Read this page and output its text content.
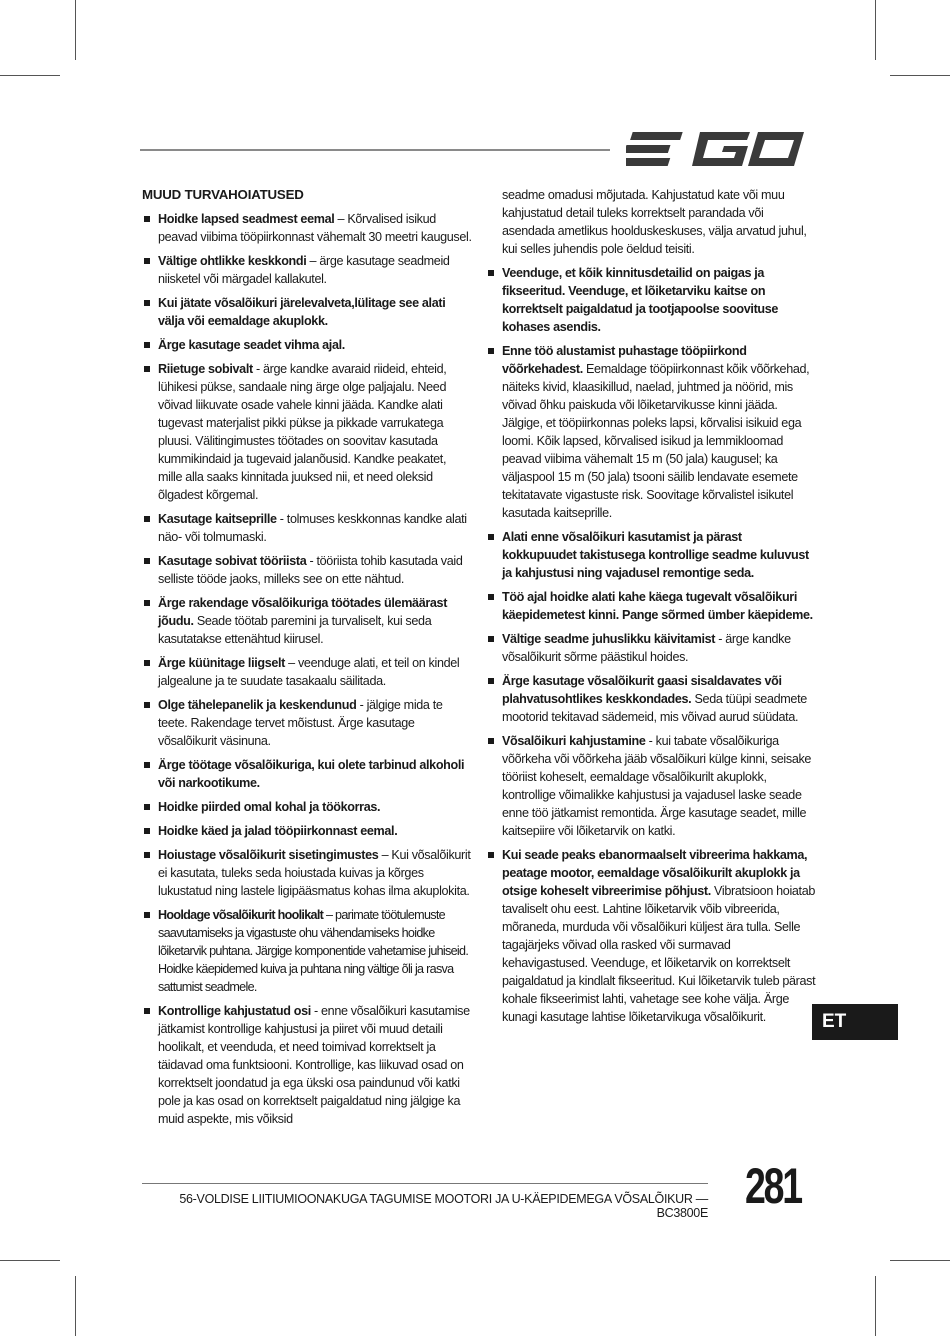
MUUD TURVAHOIATUSED
Hoidke lapsed seadmest eemal – Kõrvalised isikud peavad viibima tööpiirkonnast vähemalt 30 meetri kaugusel.
Vältige ohtlikke keskkondi – ärge kasutage seadmeid niisketel või märgadel kallakutel.
Kui jätate võsalõikuri järelevalveta,lülitage see alati välja või eemaldage akuplokk.
Ärge kasutage seadet vihma ajal.
Riietuge sobivalt - ärge kandke avaraid riideid, ehteid, lühikesi pükse, sandaale ning ärge olge paljajalu. Need võivad liikuvate osade vahele kinni jääda. Kandke alati tugevast materjalist pikki pükse ja pikkade varrukatega pluusi. Välitingimustes töötades on soovitav kasutada kummikindaid ja tugevaid jalanõusid. Kandke peakatet, mille alla saaks kinnitada juuksed nii, et need oleksid õlgadest kõrgemal.
Kasutage kaitseprille - tolmuses keskkonnas kandke alati näo- või tolmumaski.
Kasutage sobivat tööriista - tööriista tohib kasutada vaid selliste tööde jaoks, milleks see on ette nähtud.
Ärge rakendage võsalõikuriga töötades ülemäärast jõudu. Seade töötab paremini ja turvaliselt, kui seda kasutatakse ettenähtud kiirusel.
Ärge küünitage liigselt – veenduge alati, et teil on kindel jalgealune ja te suudate tasakaalu säilitada.
Olge tähelepanelik ja keskendunud - jälgige mida te teete. Rakendage tervet mõistust. Ärge kasutage võsalõikurit väsinuna.
Ärge töötage võsalõikuriga, kui olete tarbinud alkoholi või narkootikume.
Hoidke piirded omal kohal ja töökorras.
Hoidke käed ja jalad tööpiirkonnast eemal.
Hoiustage võsalõikurit sisetingimustes – Kui võsalõikurit ei kasutata, tuleks seda hoiustada kuivas ja kõrges lukustatud ning lastele ligipääsmatus kohas ilma akuplokita.
Hooldage võsalõikurit hoolikalt – parimate töötulemuste saavutamiseks ja vigastuste ohu vähendamiseks hoidke lõiketarvik puhtana. Järgige komponentide vahetamise juhiseid. Hoidke käepidemed kuiva ja puhtana ning vältige õli ja rasva sattumist seadmele.
Kontrollige kahjustatud osi - enne võsalõikuri kasutamise jätkamist kontrollige kahjustusi ja piiret või muud detaili hoolikalt, et veenduda, et need toimivad korrektselt ja täidavad oma funktsiooni. Kontrollige, kas liikuvad osad on korrektselt joondatud ja ega ükski osa paindunud või katki pole ja kas osad on korrektselt paigaldatud ning jälgige ka muid aspekte, mis võiksid
seadme omadusi mõjutada. Kahjustatud kate või muu kahjustatud detail tuleks korrektselt parandada või asendada ametlikus hoolduskeskuses, välja arvatud juhul, kui selles juhendis pole öeldud teisiti.
Veenduge, et kõik kinnitusdetailid on paigas ja fikseeritud. Veenduge, et lõiketarviku kaitse on korrektselt paigaldatud ja tootjapoolse soovituse kohases asendis.
Enne töö alustamist puhastage tööpiirkond võõrkehadest. Eemaldage tööpiirkonnast kõik võõrkehad, näiteks kivid, klaasikillud, naelad, juhtmed ja nöörid, mis võivad õhku paiskuda või lõiketarvikusse kinni jääda. Jälgige, et tööpiirkonnas poleks lapsi, kõrvalisi isikuid ega loomi. Kõik lapsed, kõrvalised isikud ja lemmikloomad peavad viibima vähemalt 15 m (50 jala) kaugusel; ka väljaspool 15 m (50 jala) tsooni säilib lendavate esemete tekitatavate vigastuste risk. Soovitage kõrvalistel isikutel kasutada kaitseprille.
Alati enne võsalõikuri kasutamist ja pärast kokkupuudet takistusega kontrollige seadme kuluvust ja kahjustusi ning vajadusel remontige seda.
Töö ajal hoidke alati kahe käega tugevalt võsalõikuri käepidemetest kinni. Pange sõrmed ümber käepideme.
Vältige seadme juhuslikku käivitamist - ärge kandke võsalõikurit sõrme päästikul hoides.
Ärge kasutage võsalõikurit gaasi sisaldavates või plahvatusohtlikes keskkondades. Seda tüüpi seadmete mootorid tekitavad sädemeid, mis võivad aurud süüdata.
Võsalõikuri kahjustamine - kui tabate võsalõikuriga võõrkeha või võõrkeha jääb võsalõikuri külge kinni, seisake tööriist koheselt, eemaldage võsalõikurilt akuplokk, kontrollige võimalikke kahjustusi ja vajadusel laske seade enne töö jätkamist remontida. Ärge kasutage seadet, mille kaitsepiire või lõiketarvik on katki.
Kui seade peaks ebanormaalselt vibreerima hakkama, peatage mootor, eemaldage võsalõikurilt akuplokk ja otsige koheselt vibreerimise põhjust. Vibratsioon hoiatab tavaliselt ohu eest. Lahtine lõiketarvik võib vibreerida, mõraneda, murduda või võsalõikuri küljest ära tulla. Selle tagajärjeks võivad olla rasked või surmavad kehavigastused. Veenduge, et lõiketarvik on korrektselt paigaldatud ja kindlalt fikseeritud. Kui lõiketarvik tuleb pärast kohale fikseerimist lahti, vahetage see kohe välja. Ärge kunagi kasutage lahtise lõiketarvikuga võsalõikurit.	ET
56-VOLDISE LIITIUMIOONAKUGA TAGUMISE MOOTORI JA U-KÄEPIDEMEGA VÕSALÕIKUR — BC3800E 281
